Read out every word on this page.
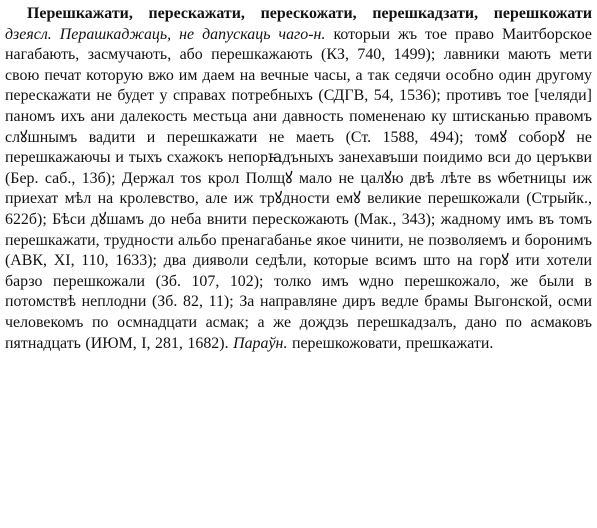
Перешкажати, перескажати, перескожати, перешкадзати, перешкожати дзеясл. Перашкаджаць, не дапускаць чаго-н. которыи жъ тое право Маитборское нагабають, засмучають, або перешкажають (КЗ, 740, 1499); лавники мають мети свою печат которую вжо им даем на вечные часы, а так седячи особно один другому перескажати не будет у справах потребныхъ (СДГВ, 54, 1536); противъ тое [челяди] паномъ ихъ ани далекость местьца ани давность помененаю ку штисканью правомъ слꙋшнымъ вадити и перешкажати не маеть (Ст. 1588, 494); томꙋ соборꙋ не перешкажаючы и тыхъ схажокъ непорꙗдъныхъ занехавъши поидимо вси до церъкви (Бер. саб., 13б); Держал тоѕ крол Полщꙋ мало не цалꙋю двѣ лѣте вѕ ѡбетницы иж приехат мѣл на кролевство, але иж трꙋдности емꙋ великие перешкожали (Стрыйк., 622б); Бѣси дꙋшамъ до неба внити перескожають (Мак., 343); жадному имъ въ томъ перешкажати, трудности альбо пренагабанье якое чинити, не позволяемъ и боронимъ (АВК, XI, 110, 1633); два дияволи седѣли, которые всимъ што на горꙋ ити хотели барзо перешкожали (Зб. 107, 102); толко имъ ѡдно перешкожало, же были в потомствѣ неплодни (Зб. 82, 11); За направляне диръ ведле брамы Выгонской, осми человекомъ по осмнадцати асмак; а же доҗдзь перешкадзалъ, дано по асмаковъ пятнадцать (ИЮМ, I, 281, 1682). Параўн. перешкожовати, прешкажати.
